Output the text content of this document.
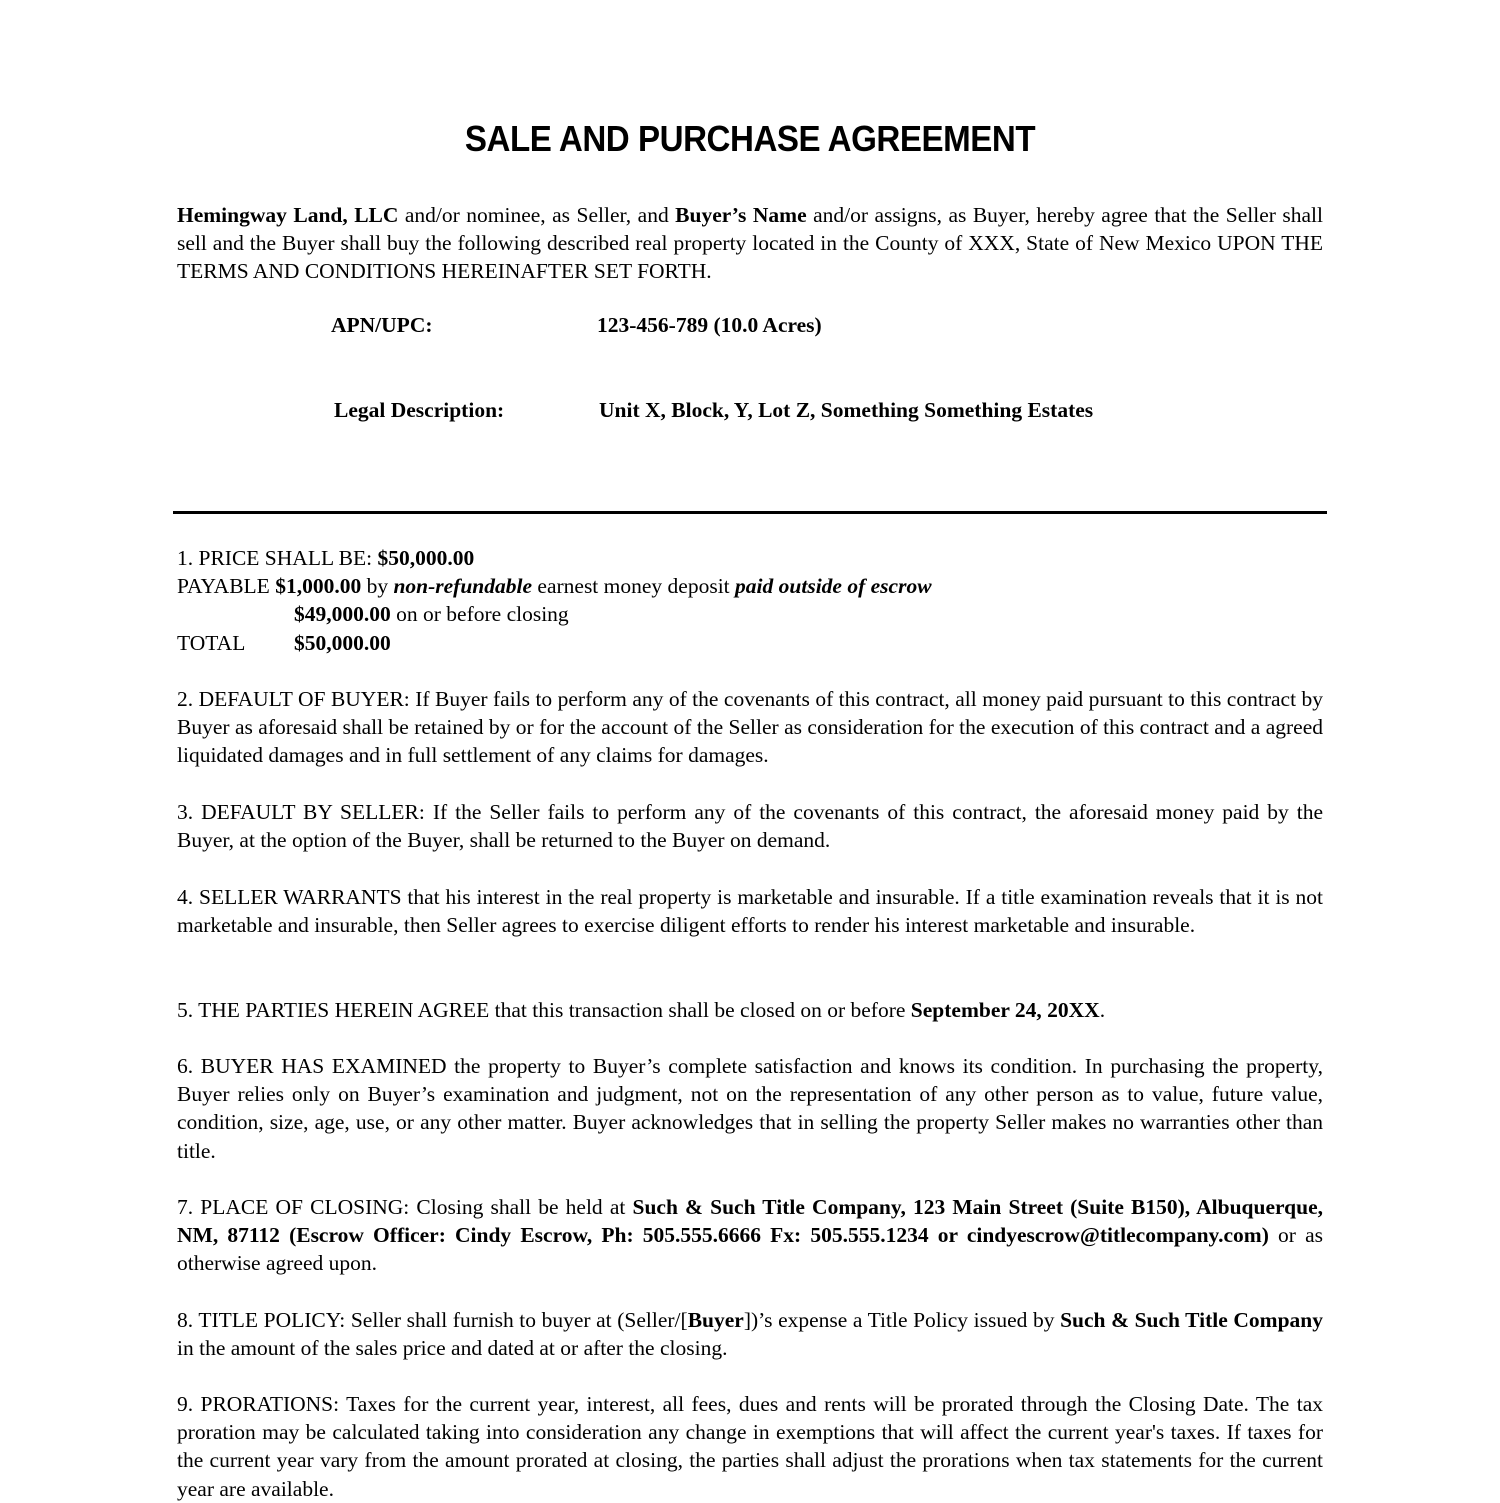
SALE AND PURCHASE AGREEMENT
Hemingway Land, LLC and/or nominee, as Seller, and Buyer’s Name and/or assigns, as Buyer, hereby agree that the Seller shall sell and the Buyer shall buy the following described real property located in the County of XXX, State of New Mexico UPON THE TERMS AND CONDITIONS HEREINAFTER SET FORTH.
APN/UPC:	123-456-789 (10.0 Acres)
Legal Description:	Unit X, Block, Y, Lot Z, Something Something Estates
1. PRICE SHALL BE: $50,000.00
PAYABLE $1,000.00 by non-refundable earnest money deposit paid outside of escrow
$49,000.00 on or before closing
TOTAL $50,000.00
2. DEFAULT OF BUYER: If Buyer fails to perform any of the covenants of this contract, all money paid pursuant to this contract by Buyer as aforesaid shall be retained by or for the account of the Seller as consideration for the execution of this contract and a agreed liquidated damages and in full settlement of any claims for damages.
3. DEFAULT BY SELLER: If the Seller fails to perform any of the covenants of this contract, the aforesaid money paid by the Buyer, at the option of the Buyer, shall be returned to the Buyer on demand.
4. SELLER WARRANTS that his interest in the real property is marketable and insurable. If a title examination reveals that it is not marketable and insurable, then Seller agrees to exercise diligent efforts to render his interest marketable and insurable.
5. THE PARTIES HEREIN AGREE that this transaction shall be closed on or before September 24, 20XX.
6. BUYER HAS EXAMINED the property to Buyer’s complete satisfaction and knows its condition. In purchasing the property, Buyer relies only on Buyer’s examination and judgment, not on the representation of any other person as to value, future value, condition, size, age, use, or any other matter. Buyer acknowledges that in selling the property Seller makes no warranties other than title.
7. PLACE OF CLOSING: Closing shall be held at Such & Such Title Company, 123 Main Street (Suite B150), Albuquerque, NM, 87112 (Escrow Officer: Cindy Escrow, Ph: 505.555.6666 Fx: 505.555.1234 or cindyescrow@titlecompany.com) or as otherwise agreed upon.
8. TITLE POLICY: Seller shall furnish to buyer at (Seller/[Buyer])’s expense a Title Policy issued by Such & Such Title Company in the amount of the sales price and dated at or after the closing.
9. PRORATIONS: Taxes for the current year, interest, all fees, dues and rents will be prorated through the Closing Date. The tax proration may be calculated taking into consideration any change in exemptions that will affect the current year's taxes. If taxes for the current year vary from the amount prorated at closing, the parties shall adjust the prorations when tax statements for the current year are available.
